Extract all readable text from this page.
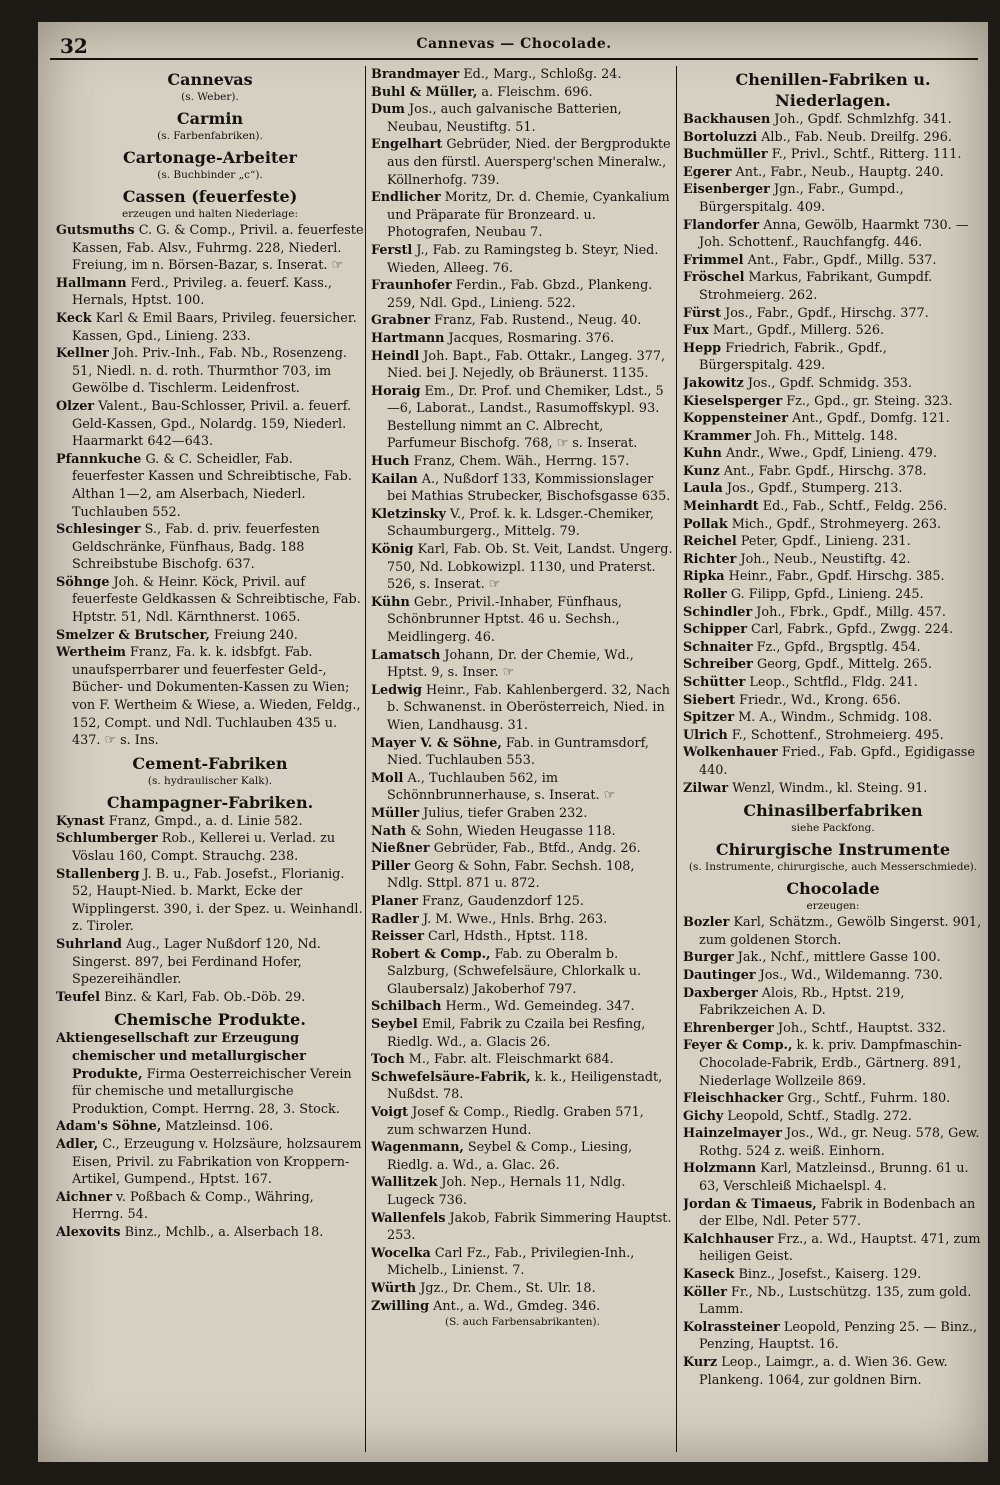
32	Cannevas — Chocolade.
Cannevas
(s. Weber).
Carmin
(s. Farbenfabriken).
Cartonage-Arbeiter
(s. Buchbinder „c“).
Cassen (feuerfeste)
erzeugen und halten Niederlage:

Gutsmuths C. G. & Comp., Privil. a. feuerfeste Kassen, Fab. Alsv., Fuhrmg. 228, Niederl. Freiung, im n. Börsen-Bazar, s. Inserat. ☞

Hallmann Ferd., Privileg. a. feuerf. Kass., Hernals, Hptst. 100.

Keck Karl & Emil Baars, Privileg. feuersicher. Kassen, Gpd., Linieng. 233.

Kellner Joh. Priv.-Inh., Fab. Nb., Rosenzeng. 51, Niedl. n. d. roth. Thurmthor 703, im Gewölbe d. Tischlerm. Leidenfrost.

Olzer Valent., Bau-Schlosser, Privil. a. feuerf. Geld-Kassen, Gpd., Nolardg. 159, Niederl. Haarmarkt 642—643.

Pfannkuche G. & C. Scheidler, Fab. feuerfester Kassen und Schreibtische, Fab. Althan 1—2, am Alserbach, Niederl. Tuchlauben 552.

Schlesinger S., Fab. d. priv. feuerfesten Geldschränke, Fünfhaus, Badg. 188 Schreibstube Bischofg. 637.

Söhnge Joh. & Heinr. Köck, Privil. auf feuerfeste Geldkassen & Schreibtische, Fab. Hptstr. 51, Ndl. Kärnthnerst. 1065.

Smelzer & Brutscher, Freiung 240.

Wertheim Franz, Fa. k. k. idsbfgt. Fab. unaufsperrbarer und feuerfester Geld-, Bücher- und Dokumenten-Kassen zu Wien; von F. Wertheim & Wiese, a. Wieden, Feldg., 152, Compt. und Ndl. Tuchlauben 435 u. 437. ☞ s. Ins.

Cement-Fabriken
(s. hydraulischer Kalk).
Champagner-Fabriken.

Kynast Franz, Gmpd., a. d. Linie 582.

Schlumberger Rob., Kellerei u. Verlad. zu Vöslau 160, Compt. Strauchg. 238.

Stallenberg J. B. u., Fab. Josefst., Florianig. 52, Haupt-Nied. b. Markt, Ecke der Wipplingerst. 390, i. der Spez. u. Weinhandl. z. Tiroler.

Suhrland Aug., Lager Nußdorf 120, Nd. Singerst. 897, bei Ferdinand Hofer, Spezereihändler.

Teufel Binz. & Karl, Fab. Ob.-Döb. 29.

Chemische Produkte.

Aktiengesellschaft zur Erzeugung chemischer und metallurgischer Produkte, Firma Oesterreichischer Verein für chemische und metallurgische Produktion, Compt. Herrng. 28, 3. Stock.

Adam's Söhne, Matzleinsd. 106.

Adler, C., Erzeugung v. Holzsäure, holzsaurem Eisen, Privil. zu Fabrikation von Kroppern-Artikel, Gumpend., Hptst. 167.

Aichner v. Poßbach & Comp., Währing, Herrng. 54.

Alexovits Binz., Mchlb., a. Alserbach 18.

Brandmayer Ed., Marg., Schloßg. 24.

Buhl & Müller, a. Fleischm. 696.

Dum Jos., auch galvanische Batterien, Neubau, Neustiftg. 51.

Engelhart Gebrüder, Nied. der Bergprodukte aus den fürstl. Auersperg'schen Mineralw., Köllnerhofg. 739.

Endlicher Moritz, Dr. d. Chemie, Cyankalium und Präparate für Bronzeard. u. Photografen, Neubau 7.

Ferstl J., Fab. zu Ramingsteg b. Steyr, Nied. Wieden, Alleeg. 76.

Fraunhofer Ferdin., Fab. Gbzd., Plankeng. 259, Ndl. Gpd., Linieng. 522.

Grabner Franz, Fab. Rustend., Neug. 40.

Hartmann Jacques, Rosmaring. 376.

Heindl Joh. Bapt., Fab. Ottakr., Langeg. 377, Nied. bei J. Nejedly, ob Bräunerst. 1135.

Horaig Em., Dr. Prof. und Chemiker, Ldst., 5—6, Laborat., Landst., Rasumoffskypl. 93. Bestellung nimmt an C. Albrecht, Parfumeur Bischofg. 768, ☞ s. Inserat.

Huch Franz, Chem. Wäh., Herrng. 157.

Kailan A., Nußdorf 133, Kommissionslager bei Mathias Strubecker, Bischofsgasse 635.

Kletzinsky V., Prof. k. k. Ldsger.-Chemiker, Schaumburgerg., Mittelg. 79.

König Karl, Fab. Ob. St. Veit, Landst. Ungerg. 750, Nd. Lobkowizpl. 1130, und Praterst. 526, s. Inserat. ☞

Kühn Gebr., Privil.-Inhaber, Fünfhaus, Schönbrunner Hptst. 46 u. Sechsh., Meidlingerg. 46.

Lamatsch Johann, Dr. der Chemie, Wd., Hptst. 9, s. Inser. ☞

Ledwig Heinr., Fab. Kahlenbergerd. 32, Nach b. Schwanenst. in Oberösterreich, Nied. in Wien, Landhausg. 31.

Mayer V. & Söhne, Fab. in Guntramsdorf, Nied. Tuchlauben 553.

Moll A., Tuchlauben 562, im Schönnbrunnerhause, s. Inserat. ☞

Müller Julius, tiefer Graben 232.

Nath & Sohn, Wieden Heugasse 118.

Nießner Gebrüder, Fab., Btfd., Andg. 26.

Piller Georg & Sohn, Fabr. Sechsh. 108, Ndlg. Sttpl. 871 u. 872.

Planer Franz, Gaudenzdorf 125.

Radler J. M. Wwe., Hnls. Brhg. 263.

Reisser Carl, Hdsth., Hptst. 118.

Robert & Comp., Fab. zu Oberalm b. Salzburg, (Schwefelsäure, Chlorkalk u. Glaubersalz) Jakoberhof 797.

Schilbach Herm., Wd. Gemeindeg. 347.

Seybel Emil, Fabrik zu Czaila bei Resfing, Riedlg. Wd., a. Glacis 26.

Toch M., Fabr. alt. Fleischmarkt 684.

Schwefelsäure-Fabrik, k. k., Heiligenstadt, Nußdst. 78.

Voigt Josef & Comp., Riedlg. Graben 571, zum schwarzen Hund.

Wagenmann, Seybel & Comp., Liesing, Riedlg. a. Wd., a. Glac. 26.

Wallitzek Joh. Nep., Hernals 11, Ndlg. Lugeck 736.

Wallenfels Jakob, Fabrik Simmering Hauptst. 253.

Wocelka Carl Fz., Fab., Privilegien-Inh., Michelb., Linienst. 7.

Würth Jgz., Dr. Chem., St. Ulr. 18.

Zwilling Ant., a. Wd., Gmdeg. 346.

(S. auch Farbensabrikanten).
Chenillen-Fabriken u. Niederlagen.

Backhausen Joh., Gpdf. Schmlzhfg. 341.

Bortoluzzi Alb., Fab. Neub. Dreilfg. 296.

Buchmüller F., Privl., Schtf., Ritterg. 111.

Egerer Ant., Fabr., Neub., Hauptg. 240.

Eisenberger Jgn., Fabr., Gumpd., Bürgerspitalg. 409.

Flandorfer Anna, Gewölb, Haarmkt 730. — Joh. Schottenf., Rauchfangfg. 446.

Frimmel Ant., Fabr., Gpdf., Millg. 537.

Fröschel Markus, Fabrikant, Gumpdf. Strohmeierg. 262.

Fürst Jos., Fabr., Gpdf., Hirschg. 377.

Fux Mart., Gpdf., Millerg. 526.

Hepp Friedrich, Fabrik., Gpdf., Bürgerspitalg. 429.

Jakowitz Jos., Gpdf. Schmidg. 353.

Kieselsperger Fz., Gpd., gr. Steing. 323.

Koppensteiner Ant., Gpdf., Domfg. 121.

Krammer Joh. Fh., Mittelg. 148.

Kuhn Andr., Wwe., Gpdf, Linieng. 479.

Kunz Ant., Fabr. Gpdf., Hirschg. 378.

Laula Jos., Gpdf., Stumperg. 213.

Meinhardt Ed., Fab., Schtf., Feldg. 256.

Pollak Mich., Gpdf., Strohmeyerg. 263.

Reichel Peter, Gpdf., Linieng. 231.

Richter Joh., Neub., Neustiftg. 42.

Ripka Heinr., Fabr., Gpdf. Hirschg. 385.

Roller G. Filipp, Gpfd., Linieng. 245.

Schindler Joh., Fbrk., Gpdf., Millg. 457.

Schipper Carl, Fabrk., Gpfd., Zwgg. 224.

Schnaiter Fz., Gpfd., Brgsptlg. 454.

Schreiber Georg, Gpdf., Mittelg. 265.

Schütter Leop., Schtfld., Fldg. 241.

Siebert Friedr., Wd., Krong. 656.

Spitzer M. A., Windm., Schmidg. 108.

Ulrich F., Schottenf., Strohmeierg. 495.

Wolkenhauer Fried., Fab. Gpfd., Egidigasse 440.

Zilwar Wenzl, Windm., kl. Steing. 91.

Chinasilberfabriken
siehe Packfong.
Chirurgische Instrumente
(s. Instrumente, chirurgische, auch Messerschmiede).
Chocolade
erzeugen:

Bozler Karl, Schätzm., Gewölb Singerst. 901, zum goldenen Storch.

Burger Jak., Nchf., mittlere Gasse 100.

Dautinger Jos., Wd., Wildemanng. 730.

Daxberger Alois, Rb., Hptst. 219, Fabrikzeichen A. D.

Ehrenberger Joh., Schtf., Hauptst. 332.

Feyer & Comp., k. k. priv. Dampfmaschin-Chocolade-Fabrik, Erdb., Gärtnerg. 891, Niederlage Wollzeile 869.

Fleischhacker Grg., Schtf., Fuhrm. 180.

Gichy Leopold, Schtf., Stadlg. 272.

Hainzelmayer Jos., Wd., gr. Neug. 578, Gew. Rothg. 524 z. weiß. Einhorn.

Holzmann Karl, Matzleinsd., Brunng. 61 u. 63, Verschleiß Michaelspl. 4.

Jordan & Timaeus, Fabrik in Bodenbach an der Elbe, Ndl. Peter 577.

Kalchhauser Frz., a. Wd., Hauptst. 471, zum heiligen Geist.

Kaseck Binz., Josefst., Kaiserg. 129.

Köller Fr., Nb., Lustschützg. 135, zum gold. Lamm.

Kolrassteiner Leopold, Penzing 25. — Binz., Penzing, Hauptst. 16.

Kurz Leop., Laimgr., a. d. Wien 36. Gew. Plankeng. 1064, zur goldnen Birn.
